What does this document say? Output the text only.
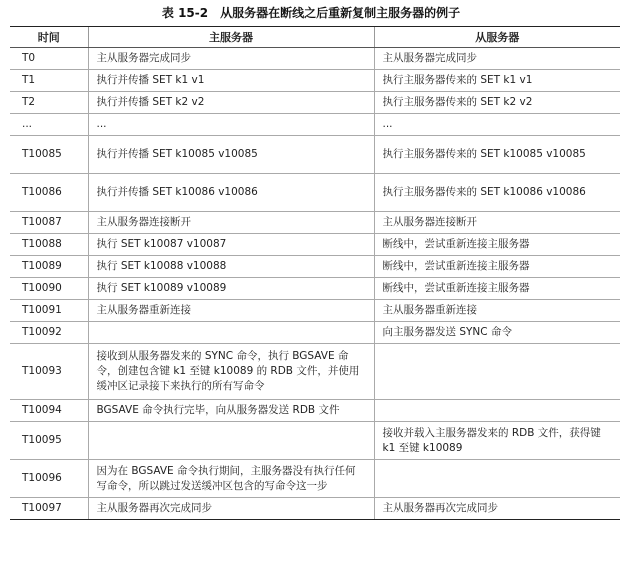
表 15-2　从服务器在断线之后重新复制主服务器的例子
时间	主服务器	从服务器
T0	主从服务器完成同步	主从服务器完成同步
T1	执行并传播 SET k1 v1	执行主服务器传来的 SET k1 v1
T2	执行并传播 SET k2 v2	执行主服务器传来的 SET k2 v2
...	...	...
T10085	执行并传播 SET k10085 v10085	执行主服务器传来的 SET k10085 v10085
T10086	执行并传播 SET k10086 v10086	执行主服务器传来的 SET k10086 v10086
T10087	主从服务器连接断开	主从服务器连接断开
T10088	执行 SET k10087 v10087	断线中，尝试重新连接主服务器
T10089	执行 SET k10088 v10088	断线中，尝试重新连接主服务器
T10090	执行 SET k10089 v10089	断线中，尝试重新连接主服务器
T10091	主从服务器重新连接	主从服务器重新连接
T10092		向主服务器发送 SYNC 命令
T10093	接收到从服务器发来的 SYNC 命令，执行 BGSAVE 命令，创建包含键 k1 至键 k10089 的 RDB 文件，并使用缓冲区记录接下来执行的所有写命令	
T10094	BGSAVE 命令执行完毕，向从服务器发送 RDB 文件	
T10095		接收并载入主服务器发来的 RDB 文件，获得键 k1 至键 k10089
T10096	因为在 BGSAVE 命令执行期间，主服务器没有执行任何写命令，所以跳过发送缓冲区包含的写命令这一步	
T10097	主从服务器再次完成同步	主从服务器再次完成同步
